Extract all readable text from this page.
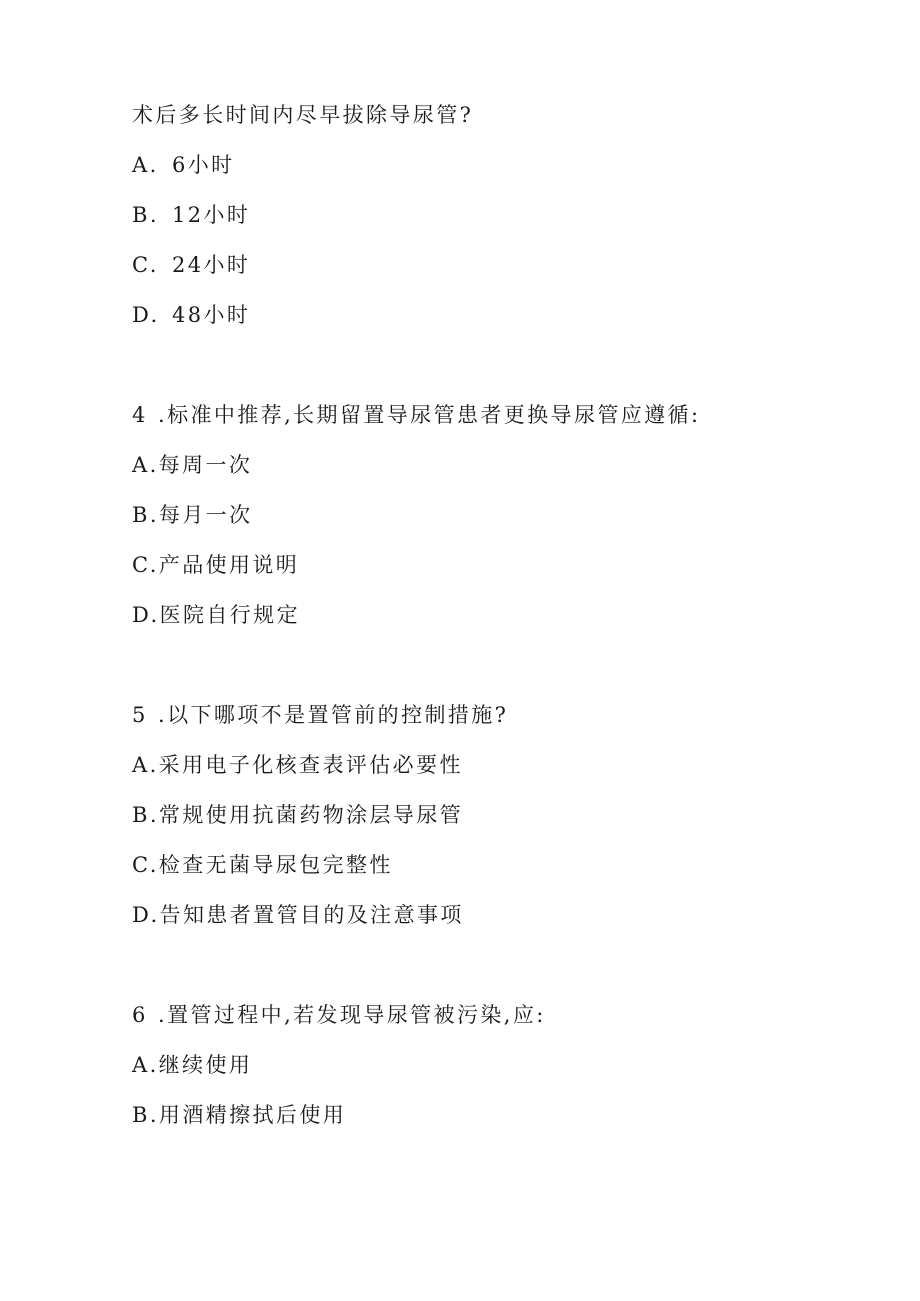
术后多长时间内尽早拔除导尿管?
A. 6小时
B. 12小时
C. 24小时
D. 48小时
4 .标准中推荐,长期留置导尿管患者更换导尿管应遵循:
A.每周一次
B.每月一次
C.产品使用说明
D.医院自行规定
5 .以下哪项不是置管前的控制措施?
A.采用电子化核查表评估必要性
B.常规使用抗菌药物涂层导尿管
C.检查无菌导尿包完整性
D.告知患者置管目的及注意事项
6 .置管过程中,若发现导尿管被污染,应:
A.继续使用
B.用酒精擦拭后使用
